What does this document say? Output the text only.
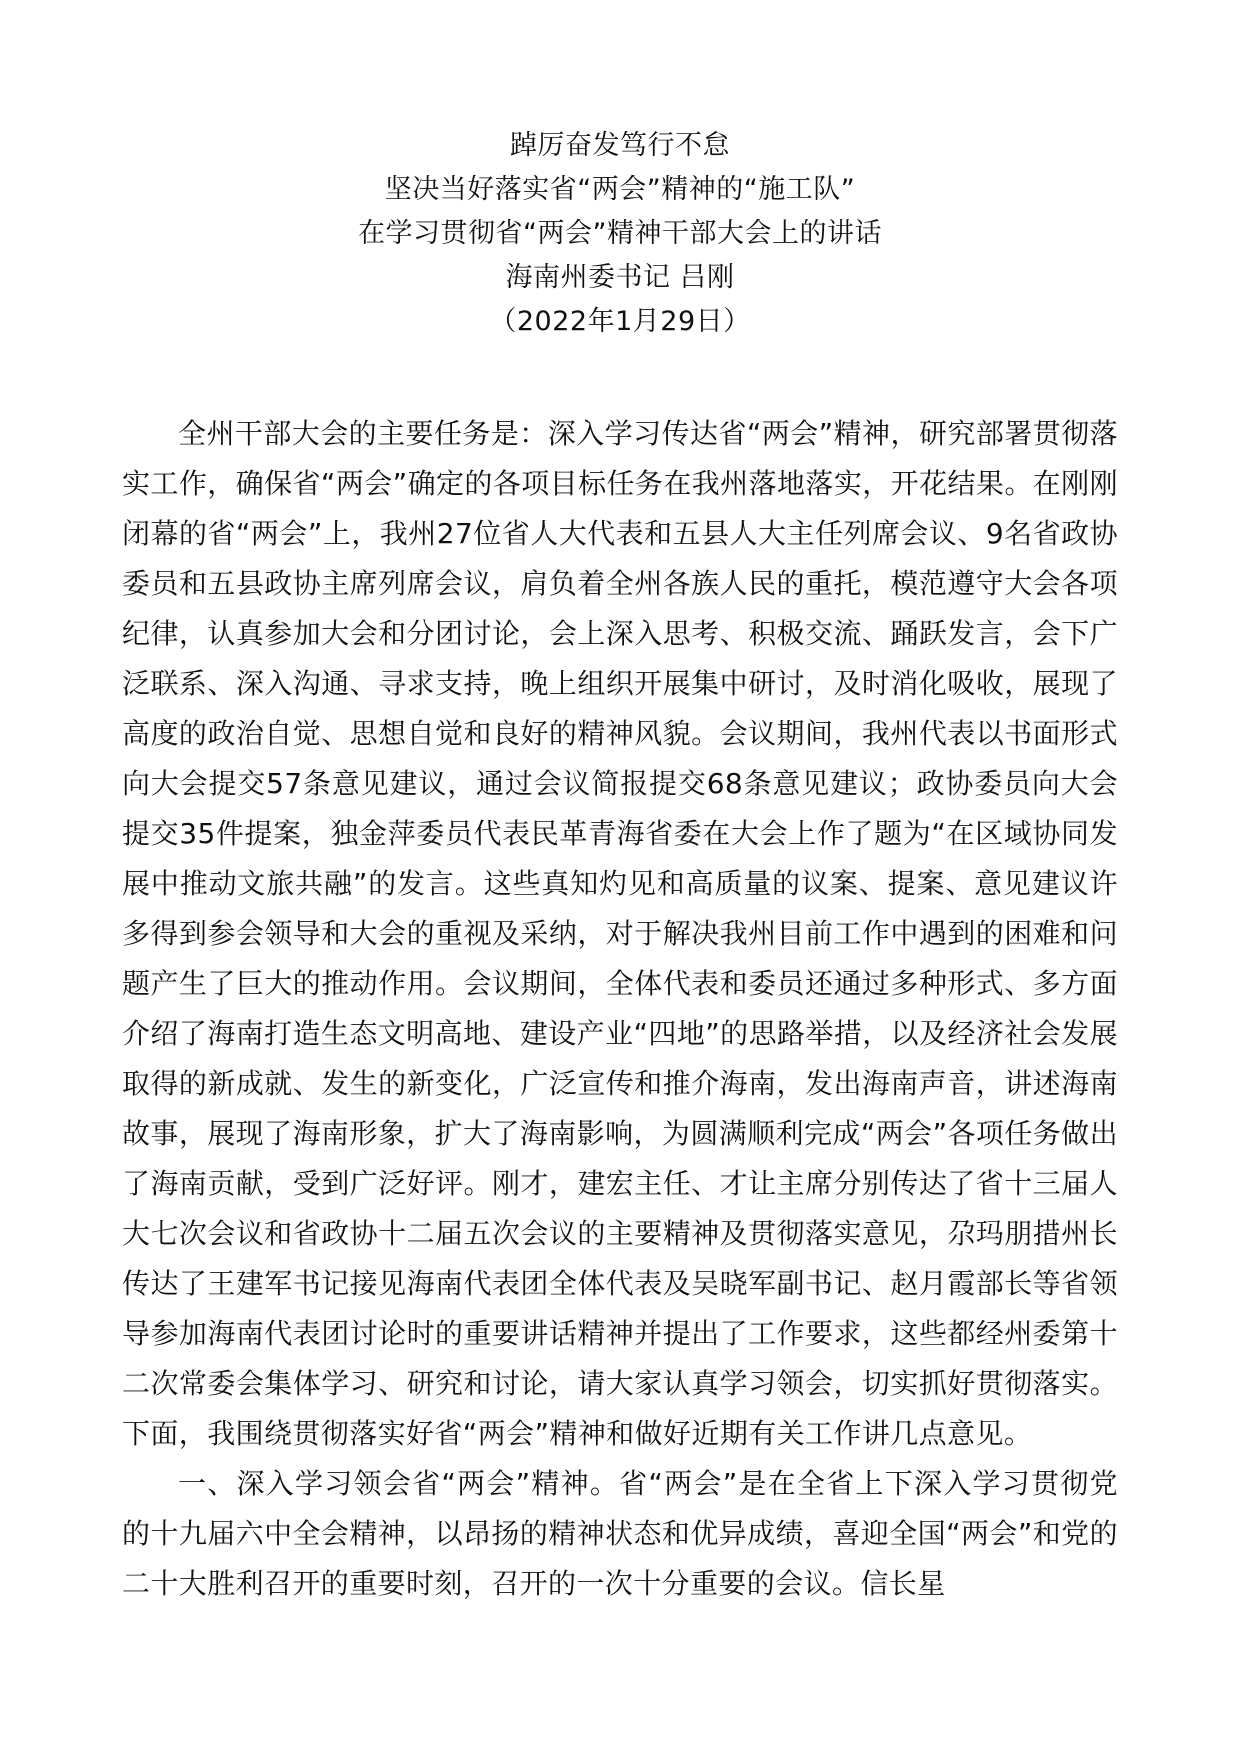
踔厉奋发笃行不怠
坚决当好落实省“两会”精神的“施工队”
在学习贯彻省“两会”精神干部大会上的讲话
海南州委书记 吕刚
（2022年1月29日）

全州干部大会的主要任务是：深入学习传达省“两会”精神，研究部署贯彻落实工作，确保省“两会”确定的各项目标任务在我州落地落实，开花结果。在刚刚闭幕的省“两会”上，我州27位省人大代表和五县人大主任列席会议、9名省政协委员和五县政协主席列席会议，肩负着全州各族人民的重托，模范遵守大会各项纪律，认真参加大会和分团讨论，会上深入思考、积极交流、踊跃发言，会下广泛联系、深入沟通、寻求支持，晚上组织开展集中研讨，及时消化吸收，展现了高度的政治自觉、思想自觉和良好的精神风貌。会议期间，我州代表以书面形式向大会提交57条意见建议，通过会议简报提交68条意见建议；政协委员向大会提交35件提案，独金萍委员代表民革青海省委在大会上作了题为“在区域协同发展中推动文旅共融”的发言。这些真知灼见和高质量的议案、提案、意见建议许多得到参会领导和大会的重视及采纳，对于解决我州目前工作中遇到的困难和问题产生了巨大的推动作用。会议期间，全体代表和委员还通过多种形式、多方面介绍了海南打造生态文明高地、建设产业“四地”的思路举措，以及经济社会发展取得的新成就、发生的新变化，广泛宣传和推介海南，发出海南声音，讲述海南故事，展现了海南形象，扩大了海南影响，为圆满顺利完成“两会”各项任务做出了海南贡献，受到广泛好评。刚才，建宏主任、才让主席分别传达了省十三届人大七次会议和省政协十二届五次会议的主要精神及贯彻落实意见，尕玛朋措州长传达了王建军书记接见海南代表团全体代表及吴晓军副书记、赵月霞部长等省领导参加海南代表团讨论时的重要讲话精神并提出了工作要求，这些都经州委第十二次常委会集体学习、研究和讨论，请大家认真学习领会，切实抓好贯彻落实。下面，我围绕贯彻落实好省“两会”精神和做好近期有关工作讲几点意见。

一、深入学习领会省“两会”精神。省“两会”是在全省上下深入学习贯彻党的十九届六中全会精神，以昂扬的精神状态和优异成绩，喜迎全国“两会”和党的二十大胜利召开的重要时刻，召开的一次十分重要的会议。信长星
